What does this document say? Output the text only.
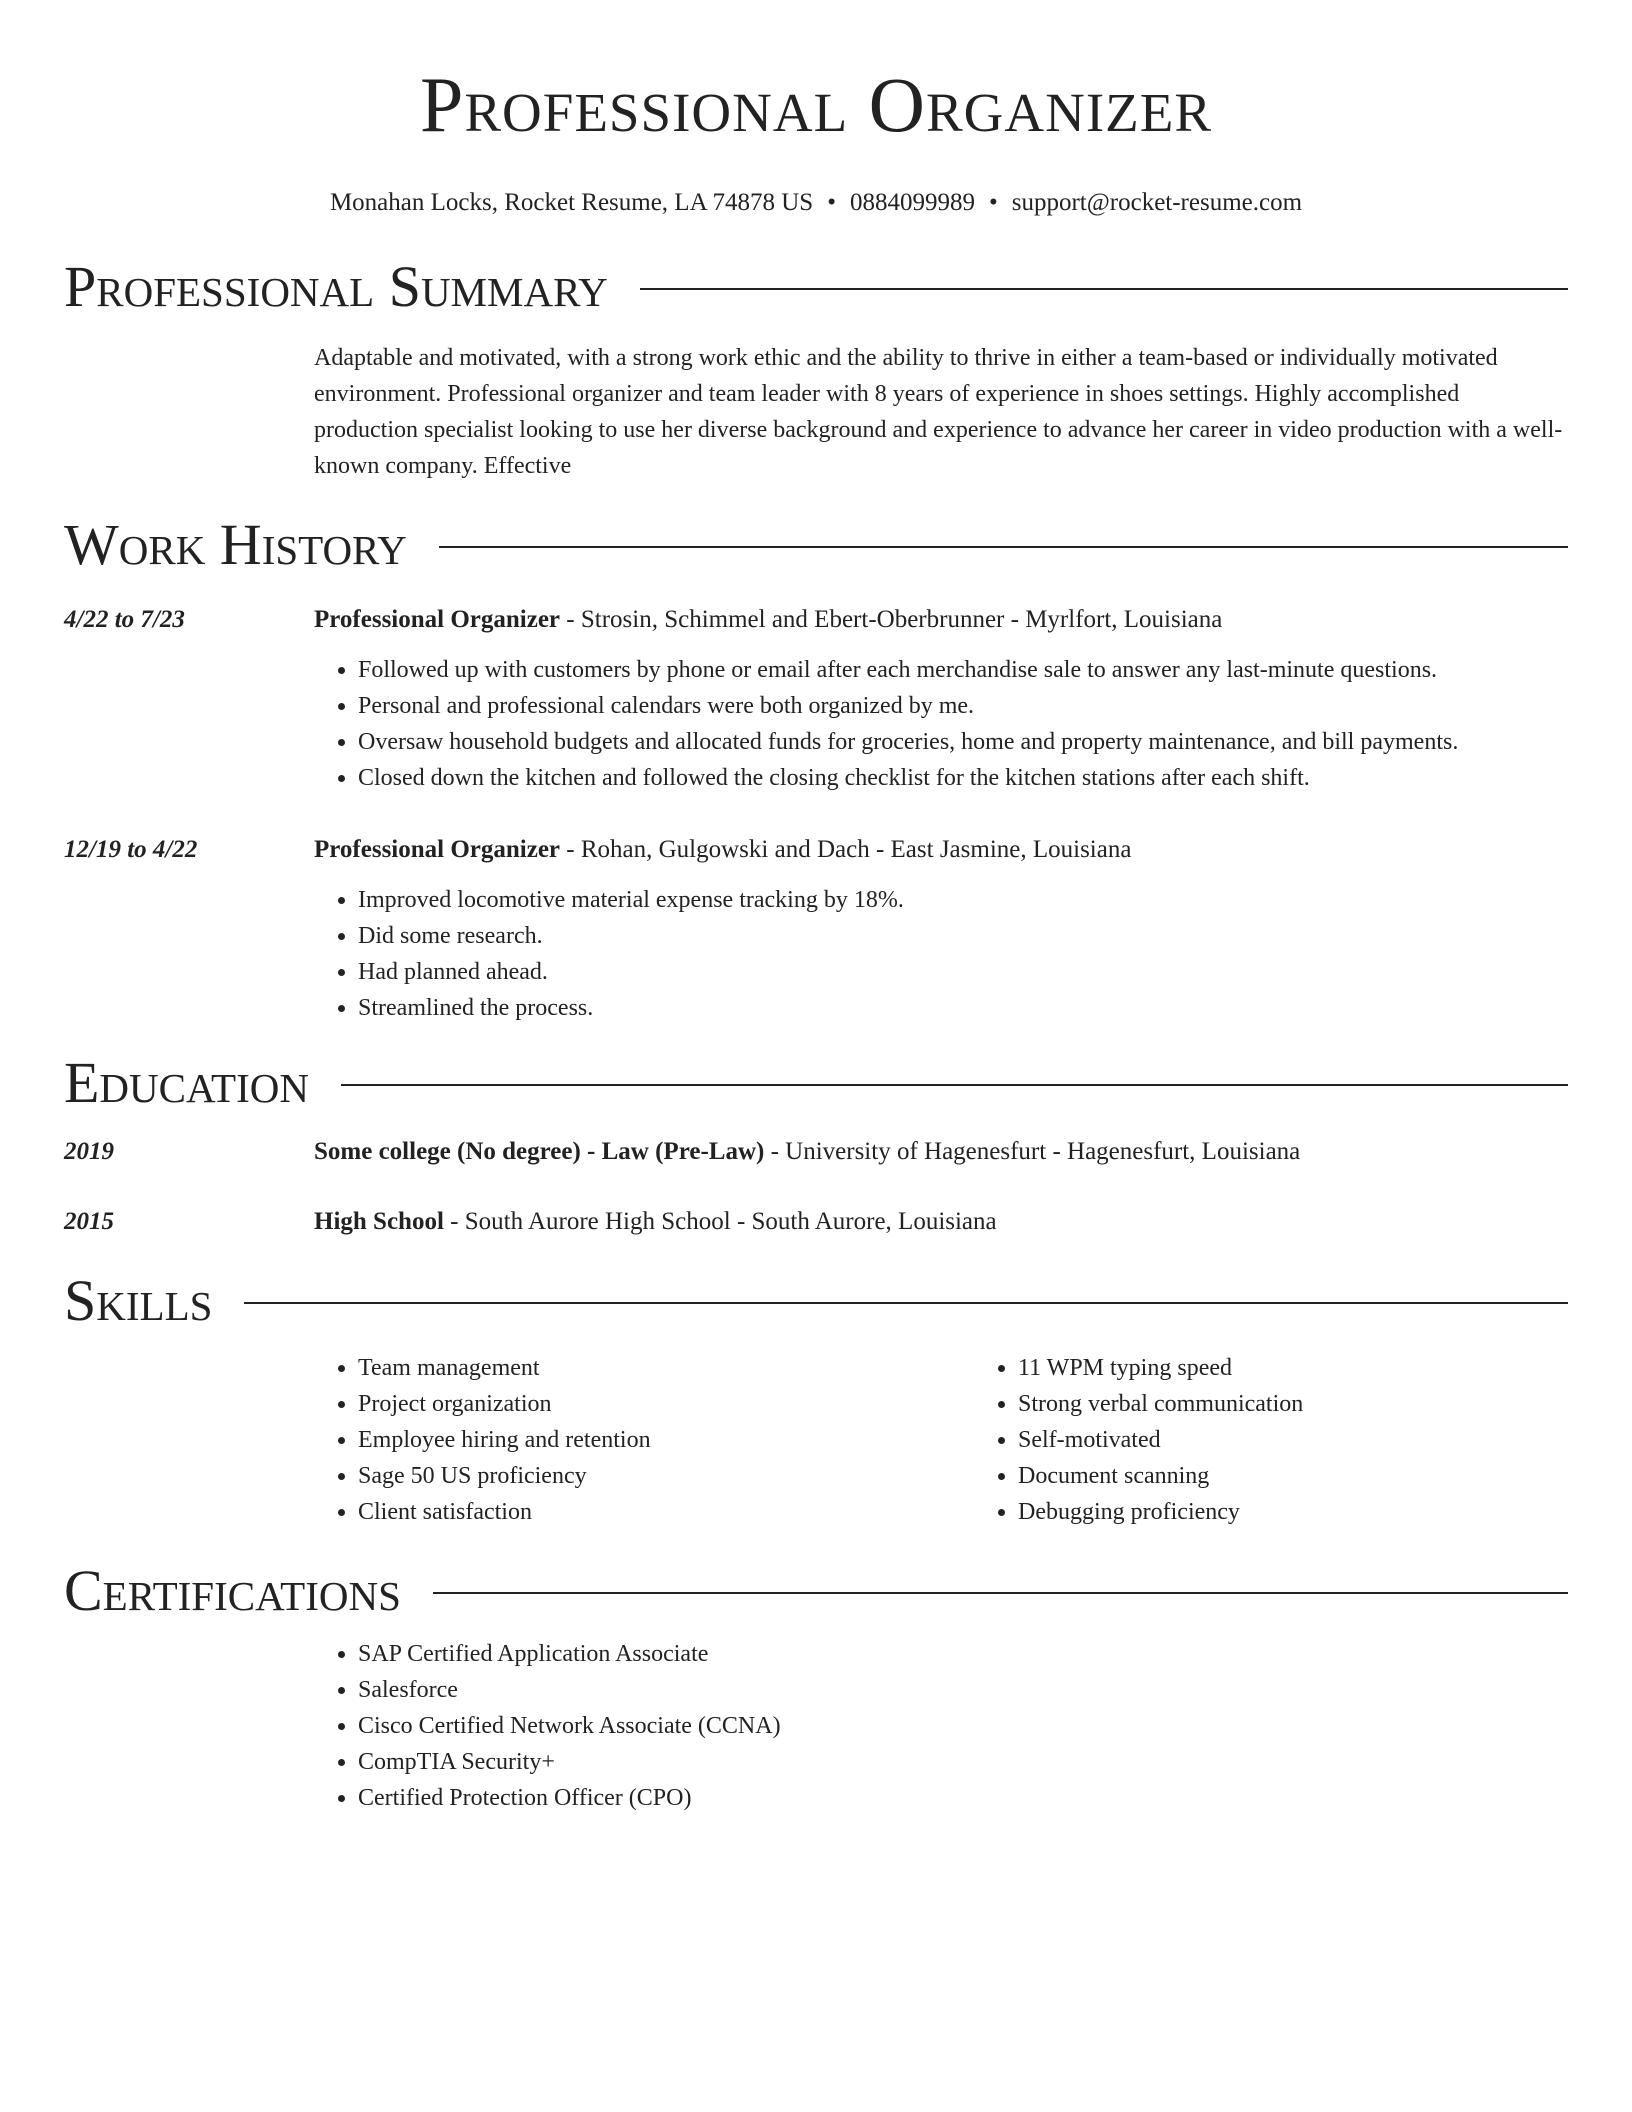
Professional Organizer
Monahan Locks, Rocket Resume, LA 74878 US • 0884099989 • support@rocket-resume.com
Professional Summary
Adaptable and motivated, with a strong work ethic and the ability to thrive in either a team-based or individually motivated environment. Professional organizer and team leader with 8 years of experience in shoes settings. Highly accomplished production specialist looking to use her diverse background and experience to advance her career in video production with a well-known company. Effective
Work History
4/22 to 7/23	Professional Organizer - Strosin, Schimmel and Ebert-Oberbrunner - Myrlfort, Louisiana
• Followed up with customers by phone or email after each merchandise sale to answer any last-minute questions.
• Personal and professional calendars were both organized by me.
• Oversaw household budgets and allocated funds for groceries, home and property maintenance, and bill payments.
• Closed down the kitchen and followed the closing checklist for the kitchen stations after each shift.
12/19 to 4/22	Professional Organizer - Rohan, Gulgowski and Dach - East Jasmine, Louisiana
• Improved locomotive material expense tracking by 18%.
• Did some research.
• Had planned ahead.
• Streamlined the process.
Education
2019	Some college (No degree) - Law (Pre-Law) - University of Hagenesfurt - Hagenesfurt, Louisiana
2015	High School - South Aurore High School - South Aurore, Louisiana
Skills
• Team management
• Project organization
• Employee hiring and retention
• Sage 50 US proficiency
• Client satisfaction
• 11 WPM typing speed
• Strong verbal communication
• Self-motivated
• Document scanning
• Debugging proficiency
Certifications
• SAP Certified Application Associate
• Salesforce
• Cisco Certified Network Associate (CCNA)
• CompTIA Security+
• Certified Protection Officer (CPO)
